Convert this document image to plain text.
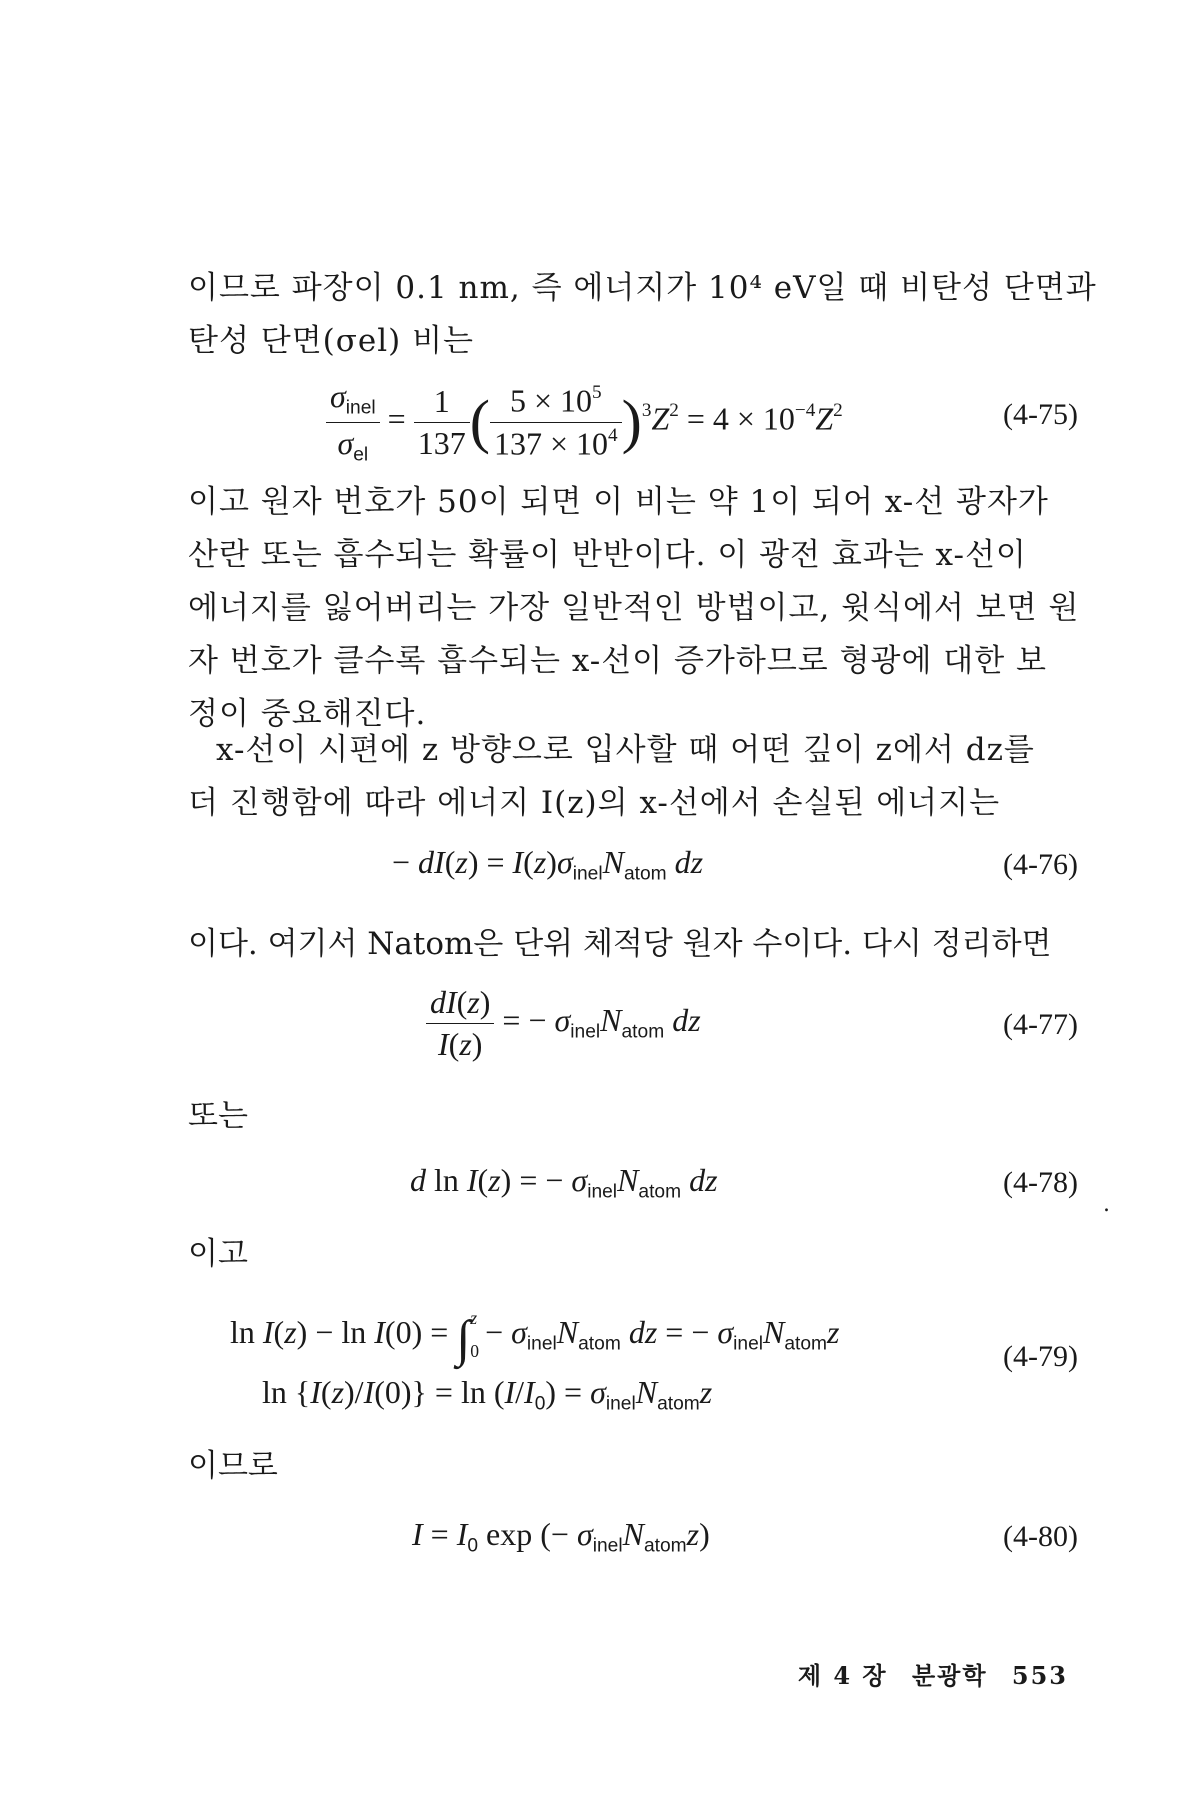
이므로 파장이 0.1 nm, 즉 에너지가 10⁴ eV일 때 비탄성 단면과
탄성 단면(σel) 비는

$\frac{\sigma_{inel}}{\sigma_{el}} = \frac{1}{137}$ ( $\frac{5 \times 10^5}{137 \times 10^4} )^3Z^2 = 4 \times 10^{-4}Z^2$	(4-75)

이고 원자 번호가 50이 되면 이 비는 약 1이 되어 x-선 광자가
산란 또는 흡수되는 확률이 반반이다. 이 광전 효과는 x-선이
에너지를 잃어버리는 가장 일반적인 방법이고, 윗식에서 보면 원
자 번호가 클수록 흡수되는 x-선이 증가하므로 형광에 대한 보
정이 중요해진다.

x-선이 시편에 z 방향으로 입사할 때 어떤 깊이 z에서 dz를
더 진행함에 따라 에너지 I(z)의 x-선에서 손실된 에너지는

− $dI(z) = I(z)\sigma_{inel}N_{atom}$ dz	(4-76)

이다. 여기서 Natom은 단위 체적당 원자 수이다. 다시 정리하면

$\frac{dI(z)}{I(z)}$ = − $\sigma_{inel}N_{atom}$ dz	(4-77)

또는

d ln I(z) = − $\sigma_{inel}N_{atom}$ dz	(4-78)
.

이고

ln I(z) − ln I(0) = ∫ z
0
− $\sigma_{inel}N_{atom}$ dz = − $\sigma_{inel}N_{atom}z$
$\ln \{I(z)/I(0)\} = \ln (I/I_0) = \sigma_{inel}N_{atom}z$
(4-79)

이므로

$I = I_0$ exp (− $\sigma_{inel}N_{atom}z$)	(4-80)
제 4 장 분광학 553
